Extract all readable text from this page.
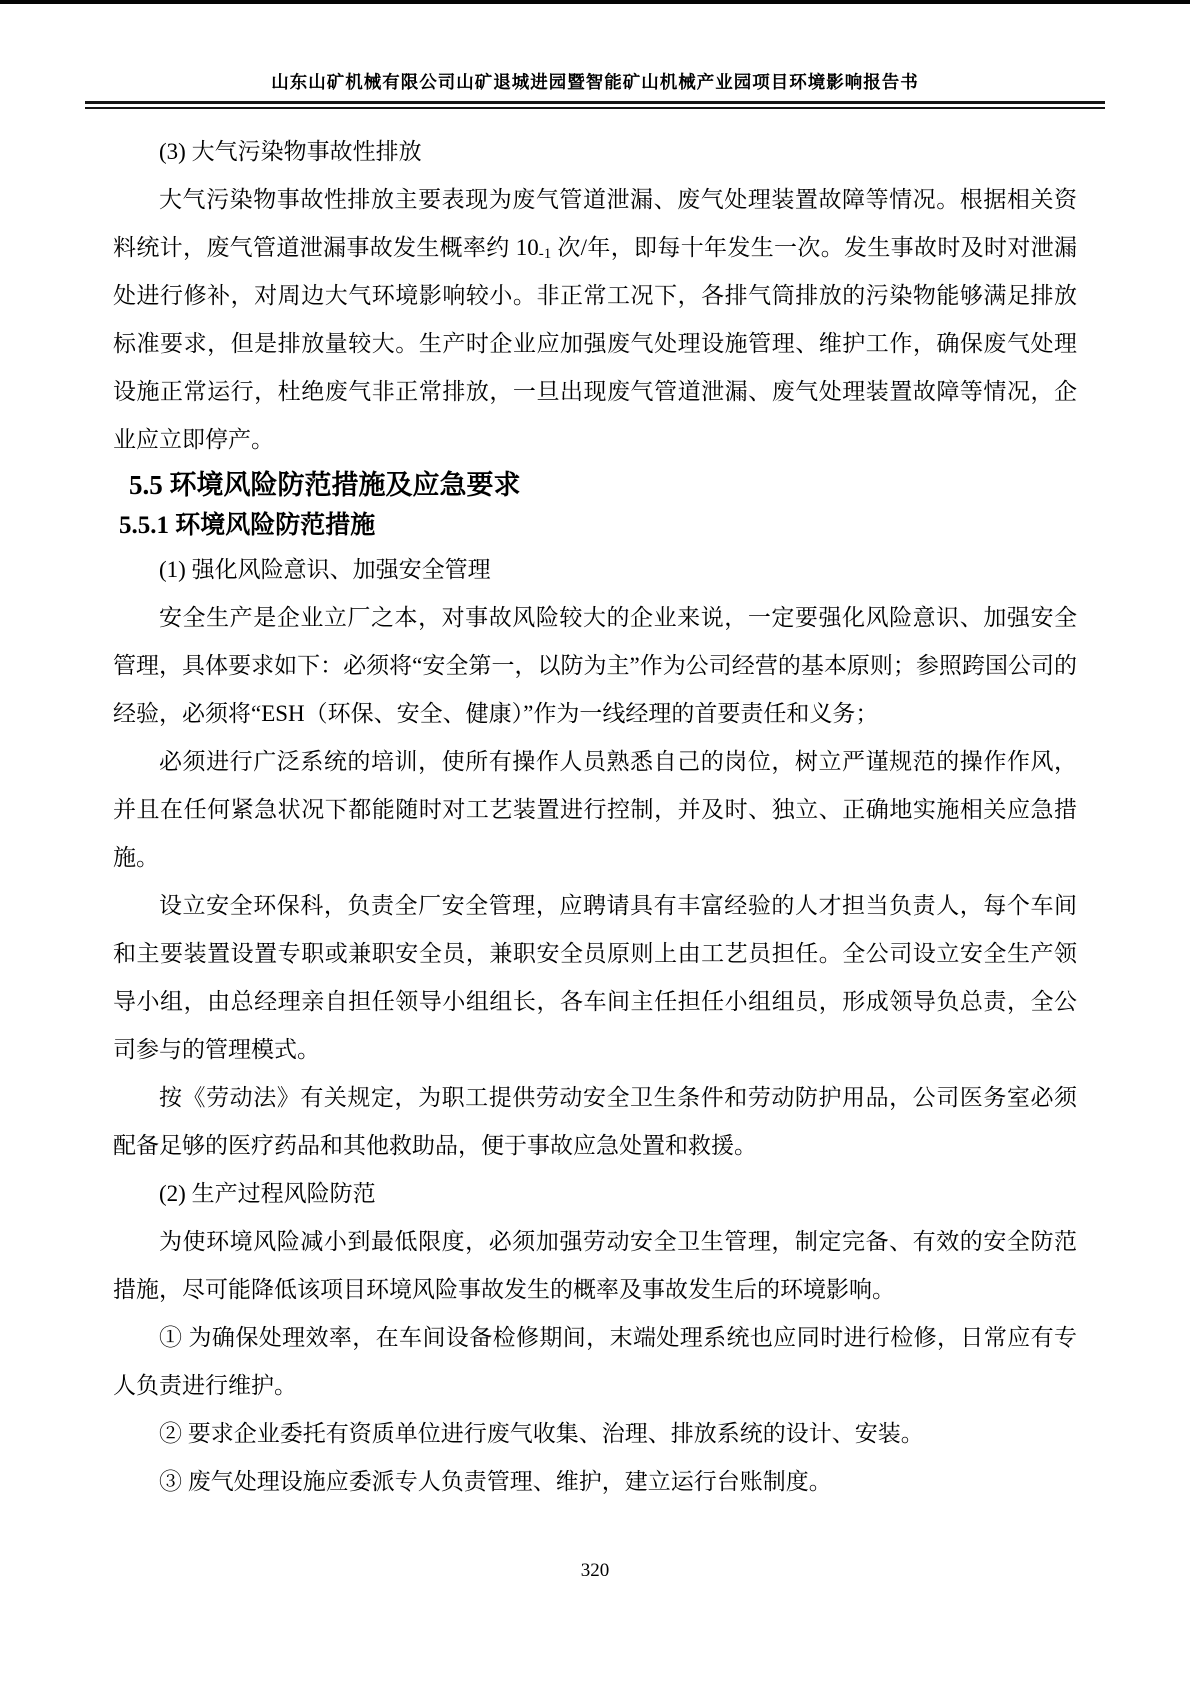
山东山矿机械有限公司山矿退城进园暨智能矿山机械产业园项目环境影响报告书

(3) 大气污染物事故性排放

大气污染物事故性排放主要表现为废气管道泄漏、废气处理装置故障等情况。根据相关资料统计，废气管道泄漏事故发生概率约 $10_{-1}$ 次/年，即每十年发生一次。发生事故时及时对泄漏处进行修补，对周边大气环境影响较小。非正常工况下，各排气筒排放的污染物能够满足排放标准要求，但是排放量较大。生产时企业应加强废气处理设施管理、维护工作，确保废气处理设施正常运行，杜绝废气非正常排放，一旦出现废气管道泄漏、废气处理装置故障等情况，企业应立即停产。

5.5 环境风险防范措施及应急要求

5.5.1 环境风险防范措施

(1) 强化风险意识、加强安全管理

安全生产是企业立厂之本，对事故风险较大的企业来说，一定要强化风险意识、加强安全管理，具体要求如下：必须将“安全第一，以防为主”作为公司经营的基本原则；参照跨国公司的经验，必须将“ESH（环保、安全、健康）”作为一线经理的首要责任和义务；

必须进行广泛系统的培训，使所有操作人员熟悉自己的岗位，树立严谨规范的操作作风，并且在任何紧急状况下都能随时对工艺装置进行控制，并及时、独立、正确地实施相关应急措施。

设立安全环保科，负责全厂安全管理，应聘请具有丰富经验的人才担当负责人，每个车间和主要装置设置专职或兼职安全员，兼职安全员原则上由工艺员担任。全公司设立安全生产领导小组，由总经理亲自担任领导小组组长，各车间主任担任小组组员，形成领导负总责，全公司参与的管理模式。

按《劳动法》有关规定，为职工提供劳动安全卫生条件和劳动防护用品，公司医务室必须配备足够的医疗药品和其他救助品，便于事故应急处置和救援。

(2) 生产过程风险防范

为使环境风险减小到最低限度，必须加强劳动安全卫生管理，制定完备、有效的安全防范措施，尽可能降低该项目环境风险事故发生的概率及事故发生后的环境影响。

① 为确保处理效率，在车间设备检修期间，末端处理系统也应同时进行检修，日常应有专人负责进行维护。

② 要求企业委托有资质单位进行废气收集、治理、排放系统的设计、安装。

③ 废气处理设施应委派专人负责管理、维护，建立运行台账制度。

320
